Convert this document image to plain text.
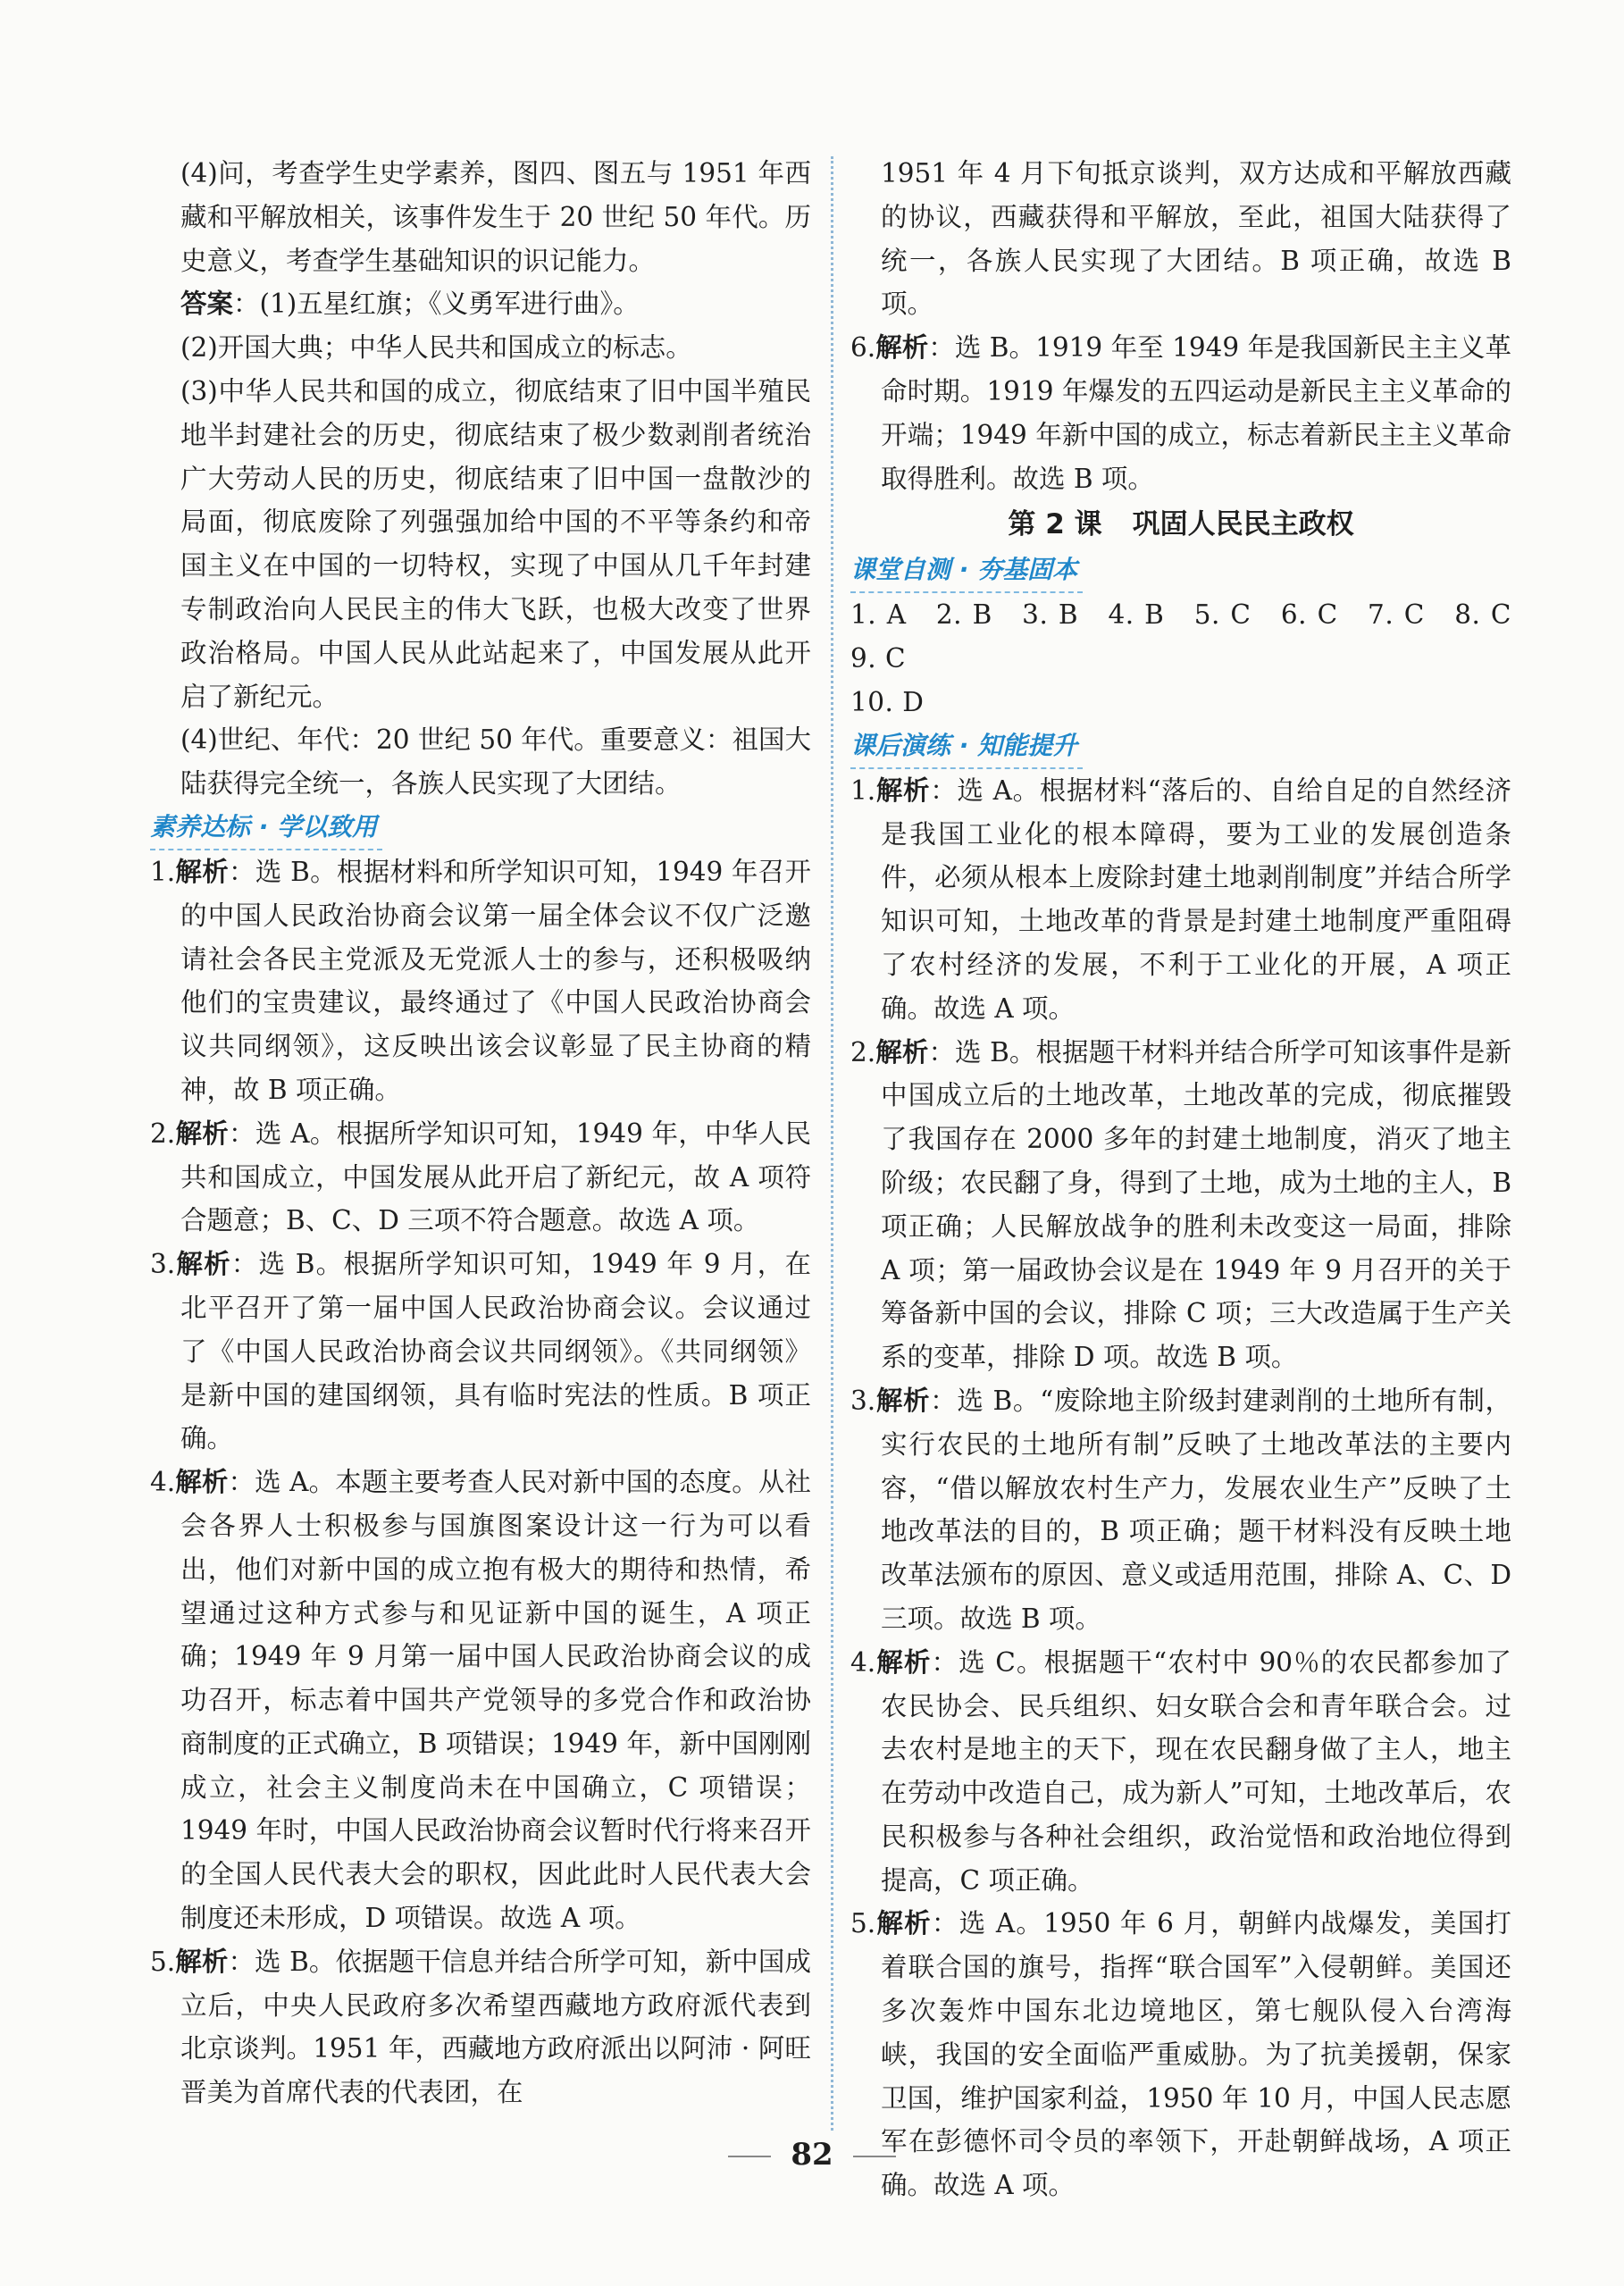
(4)问，考查学生史学素养，图四、图五与 1951 年西藏和平解放相关，该事件发生于 20 世纪 50 年代。历史意义，考查学生基础知识的识记能力。

答案：(1)五星红旗；《义勇军进行曲》。

(2)开国大典；中华人民共和国成立的标志。

(3)中华人民共和国的成立，彻底结束了旧中国半殖民地半封建社会的历史，彻底结束了极少数剥削者统治广大劳动人民的历史，彻底结束了旧中国一盘散沙的局面，彻底废除了列强强加给中国的不平等条约和帝国主义在中国的一切特权，实现了中国从几千年封建专制政治向人民民主的伟大飞跃，也极大改变了世界政治格局。中国人民从此站起来了，中国发展从此开启了新纪元。

(4)世纪、年代：20 世纪 50 年代。重要意义：祖国大陆获得完全统一，各族人民实现了大团结。

素养达标 · 学以致用

1.解析：选 B。根据材料和所学知识可知，1949 年召开的中国人民政治协商会议第一届全体会议不仅广泛邀请社会各民主党派及无党派人士的参与，还积极吸纳他们的宝贵建议，最终通过了《中国人民政治协商会议共同纲领》，这反映出该会议彰显了民主协商的精神，故 B 项正确。

2.解析：选 A。根据所学知识可知，1949 年，中华人民共和国成立，中国发展从此开启了新纪元，故 A 项符合题意；B、C、D 三项不符合题意。故选 A 项。

3.解析：选 B。根据所学知识可知，1949 年 9 月，在北平召开了第一届中国人民政治协商会议。会议通过了《中国人民政治协商会议共同纲领》。《共同纲领》是新中国的建国纲领，具有临时宪法的性质。B 项正确。

4.解析：选 A。本题主要考查人民对新中国的态度。从社会各界人士积极参与国旗图案设计这一行为可以看出，他们对新中国的成立抱有极大的期待和热情，希望通过这种方式参与和见证新中国的诞生，A 项正确；1949 年 9 月第一届中国人民政治协商会议的成功召开，标志着中国共产党领导的多党合作和政治协商制度的正式确立，B 项错误；1949 年，新中国刚刚成立，社会主义制度尚未在中国确立，C 项错误；1949 年时，中国人民政治协商会议暂时代行将来召开的全国人民代表大会的职权，因此此时人民代表大会制度还未形成，D 项错误。故选 A 项。

5.解析：选 B。依据题干信息并结合所学可知，新中国成立后，中央人民政府多次希望西藏地方政府派代表到北京谈判。1951 年，西藏地方政府派出以阿沛 · 阿旺晋美为首席代表的代表团，在

1951 年 4 月下旬抵京谈判，双方达成和平解放西藏的协议，西藏获得和平解放，至此，祖国大陆获得了统一，各族人民实现了大团结。B 项正确，故选 B 项。

6.解析：选 B。1919 年至 1949 年是我国新民主主义革命时期。1919 年爆发的五四运动是新民主主义革命的开端；1949 年新中国的成立，标志着新民主主义革命取得胜利。故选 B 项。

第 2 课 巩固人民民主政权

课堂自测 · 夯基固本

1. A　2. B　3. B　4. B　5. C　6. C　7. C　8. C　9. C

10. D

课后演练 · 知能提升

1.解析：选 A。根据材料“落后的、自给自足的自然经济是我国工业化的根本障碍，要为工业的发展创造条件，必须从根本上废除封建土地剥削制度”并结合所学知识可知，土地改革的背景是封建土地制度严重阻碍了农村经济的发展，不利于工业化的开展，A 项正确。故选 A 项。

2.解析：选 B。根据题干材料并结合所学可知该事件是新中国成立后的土地改革，土地改革的完成，彻底摧毁了我国存在 2000 多年的封建土地制度，消灭了地主阶级；农民翻了身，得到了土地，成为土地的主人，B 项正确；人民解放战争的胜利未改变这一局面，排除 A 项；第一届政协会议是在 1949 年 9 月召开的关于筹备新中国的会议，排除 C 项；三大改造属于生产关系的变革，排除 D 项。故选 B 项。

3.解析：选 B。“废除地主阶级封建剥削的土地所有制，实行农民的土地所有制”反映了土地改革法的主要内容，“借以解放农村生产力，发展农业生产”反映了土地改革法的目的，B 项正确；题干材料没有反映土地改革法颁布的原因、意义或适用范围，排除 A、C、D 三项。故选 B 项。

4.解析：选 C。根据题干“农村中 90％的农民都参加了农民协会、民兵组织、妇女联合会和青年联合会。过去农村是地主的天下，现在农民翻身做了主人，地主在劳动中改造自己，成为新人”可知，土地改革后，农民积极参与各种社会组织，政治觉悟和政治地位得到提高，C 项正确。

5.解析：选 A。1950 年 6 月，朝鲜内战爆发，美国打着联合国的旗号，指挥“联合国军”入侵朝鲜。美国还多次轰炸中国东北边境地区，第七舰队侵入台湾海峡，我国的安全面临严重威胁。为了抗美援朝，保家卫国，维护国家利益，1950 年 10 月，中国人民志愿军在彭德怀司令员的率领下，开赴朝鲜战场，A 项正确。故选 A 项。

82
